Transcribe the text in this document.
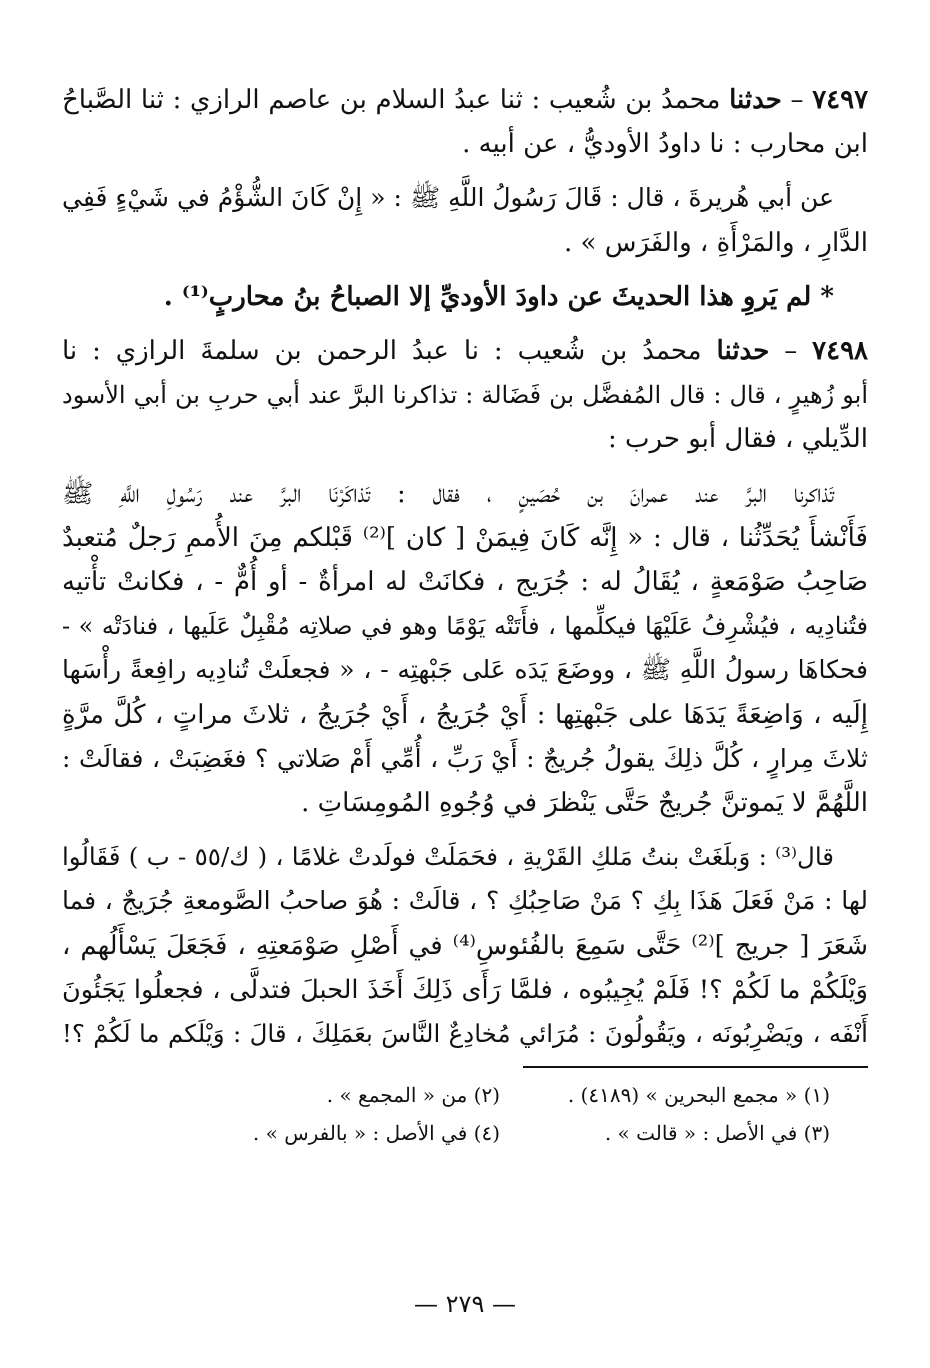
٧٤٩٧ – حدثنا محمدُ بن شُعيب : ثنا عبدُ السلام بن عاصم الرازي : ثنا الصَّباحُ
ابن محارب : نا داودُ الأوديُّ ، عن أبيه .
عن أبي هُريرةَ ، قال : قَالَ رَسُولُ اللَّهِ ﷺ : « إِنْ كَانَ الشُّؤْمُ في شَيْءٍ فَفِي
الدَّارِ ، والمَرْأَةِ ، والفَرَس » .
* لم يَروِ هذا الحديثَ عن داودَ الأوديِّ إلا الصباحُ بنُ محاربٍ⁽¹⁾ .
٧٤٩٨ – حدثنا محمدُ بن شُعيب : نا عبدُ الرحمن بن سلمةَ الرازي : نا
أبو زُهيرٍ ، قال : قال المُفضَّل بن فَضَالة : تذاكرنا البرَّ عند أبي حربِ بن أبي الأسود
الدِّيلي ، فقال أبو حرب :
تَذاكرنا البرَّ عند عمرانَ بن حُصَينٍ ، فقال : تَذاكَرْنَا البرَّ عند رَسُولِ اللَّهِ ﷺ
فَأَنْشأَ يُحَدِّثُنا ، قال : « إِنَّه كَانَ فِيمَنْ [ كان ]⁽²⁾ قَبْلكم مِنَ الأُممِ رَجلٌ مُتعبدٌ
صَاحِبُ صَوْمَعةٍ ، يُقَالُ له : جُرَيج ، فكانَتْ له امرأةٌ - أو أُمٌّ - ، فكانتْ تأْتيه
فتُنادِيه ، فيُشْرِفُ عَلَيْهَا فيكلِّمها ، فأَتَتْه يَوْمًا وهو في صلاتِه مُقْبِلٌ عَلَيها ، فنادَتْه » -
فحكاهَا رسولُ اللَّهِ ﷺ ، ووضَعَ يَدَه عَلى جَبْهتِه - ، « فجعلَتْ تُنادِيه رافِعةً رأْسَها
إِلَيه ، وَاضِعَةً يَدَهَا على جَبْهتِها : أَيْ جُرَيجُ ، أَيْ جُرَيجُ ، ثلاثَ مراتٍ ، كُلَّ مرَّةٍ
ثلاثَ مِرارٍ ، كُلَّ ذلِكَ يقولُ جُريجٌ : أَيْ رَبِّ ، أُمِّي أَمْ صَلاتي ؟ فغَضِبَتْ ، فقالَتْ :
اللَّهُمَّ لا يَموتنَّ جُريجٌ حَتَّى يَنْظرَ في وُجُوهِ المُومِسَاتِ .
قال⁽³⁾ : وَبلَغَتْ بنتُ مَلكِ القَرْيةِ ، فحَمَلَتْ فولَدتْ غلامًا ، ( ك/٥٥ - ب ) فَقَالُوا
لها : مَنْ فَعَلَ هَذَا بِكِ ؟ مَنْ صَاحِبُكِ ؟ ، قالَتْ : هُوَ صاحبُ الصَّومعةِ جُرَيجٌ ، فما
شَعَرَ [ جريج ]⁽²⁾ حَتَّى سَمِعَ بالفُئوسِ⁽⁴⁾ في أَصْلِ صَوْمَعتِهِ ، فَجَعَلَ يَسْأَلُهم ،
وَيْلَكُمْ ما لَكُمْ ؟! فَلَمْ يُجِيبُوه ، فلمَّا رَأَى ذَلِكَ أَخَذَ الحبلَ فتدلَّى ، فجعلُوا يَجَئُونَ
أَنْفَه ، ويَضْرِبُونَه ، ويَقُولُونَ : مُرَائي مُخادِعٌ النَّاسَ بعَمَلِكَ ، قالَ : وَيْلَكم ما لَكُمْ ؟!
(١) « مجمع البحرين » (٤١٨٩) .
(٢) من « المجمع » .
(٣) في الأصل : « قالت » .
(٤) في الأصل : « بالفرس » .
— ٢٧٩ —
